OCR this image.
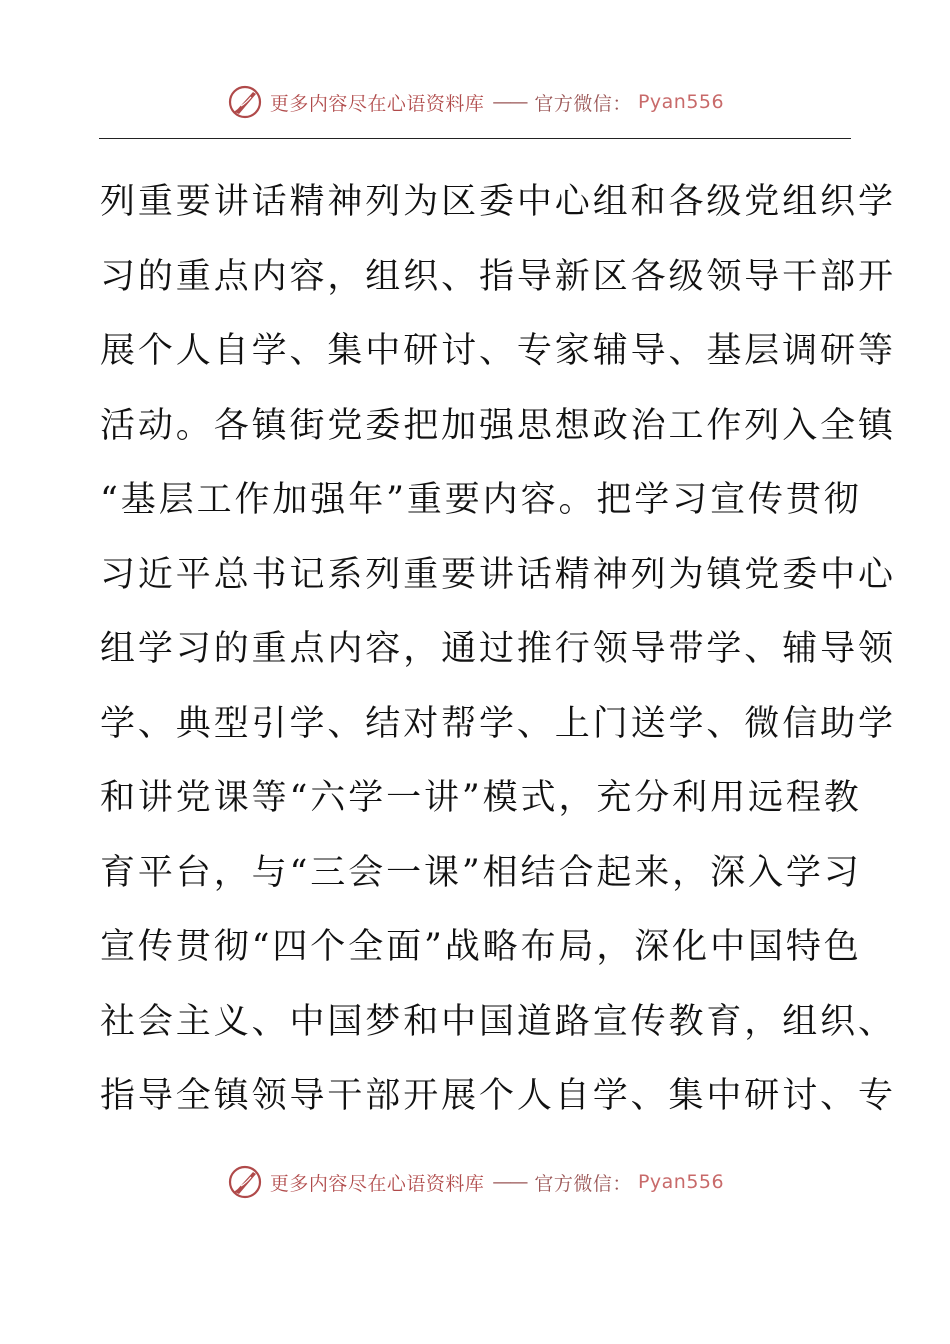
更多内容尽在心语资料库 —— 官方微信： Pyan556
列重要讲话精神列为区委中心组和各级党组织学
习的重点内容，组织、指导新区各级领导干部开
展个人自学、集中研讨、专家辅导、基层调研等
活动。各镇街党委把加强思想政治工作列入全镇
“基层工作加强年”重要内容。把学习宣传贯彻
习近平总书记系列重要讲话精神列为镇党委中心
组学习的重点内容，通过推行领导带学、辅导领
学、典型引学、结对帮学、上门送学、微信助学
和讲党课等“六学一讲”模式，充分利用远程教
育平台，与“三会一课”相结合起来，深入学习
宣传贯彻“四个全面”战略布局，深化中国特色
社会主义、中国梦和中国道路宣传教育，组织、
指导全镇领导干部开展个人自学、集中研讨、专
更多内容尽在心语资料库 —— 官方微信： Pyan556
